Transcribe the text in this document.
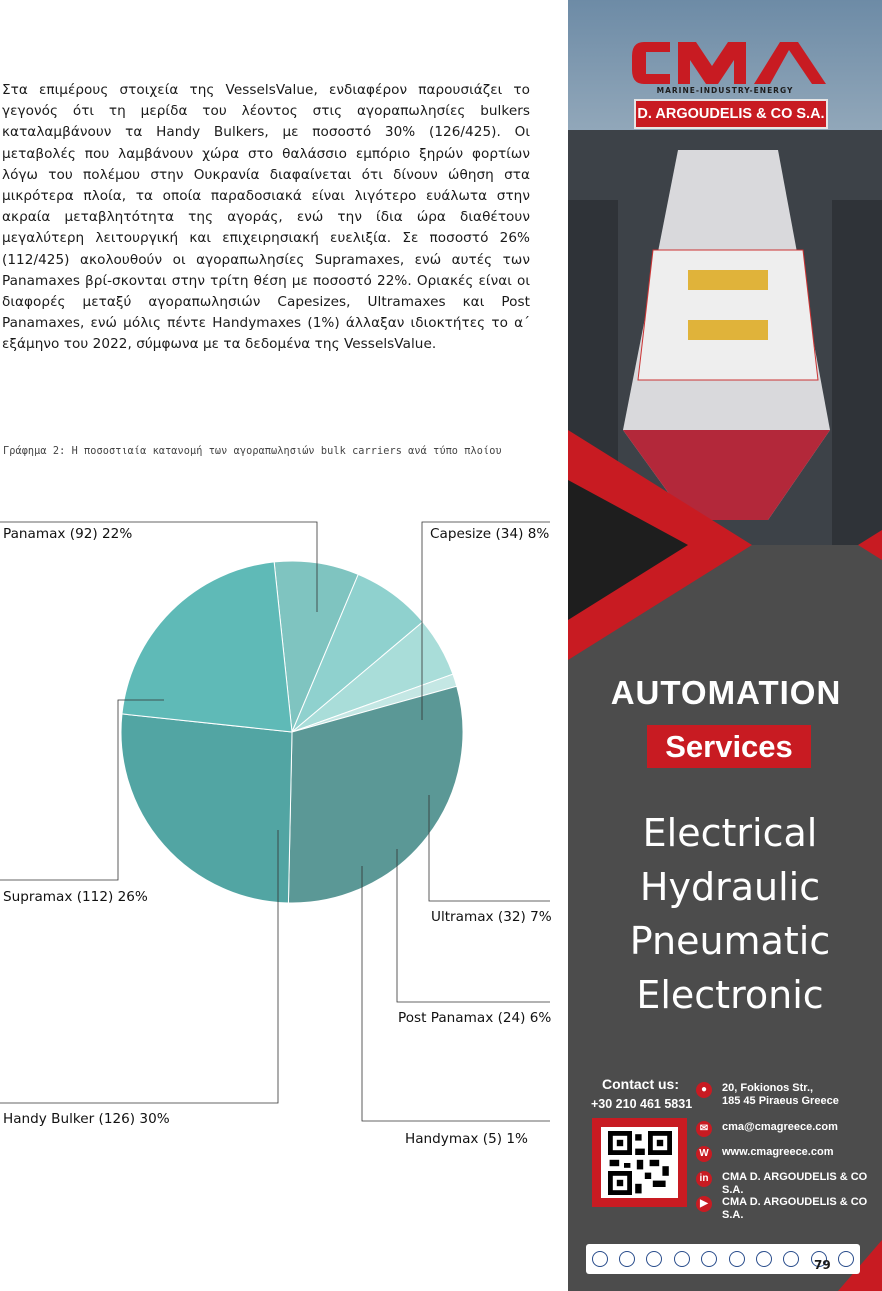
Στα επιμέρους στοιχεία της VesselsValue, ενδιαφέρον παρουσιάζει το γεγονός ότι τη μερίδα του λέοντος στις αγοραπωλησίες bulkers καταλαμβάνουν τα Handy Bulkers, με ποσοστό 30% (126/425). Οι μεταβολές που λαμβάνουν χώρα στο θαλάσσιο εμπόριο ξηρών φορτίων λόγω του πολέμου στην Ουκρανία διαφαίνεται ότι δίνουν ώθηση στα μικρότερα πλοία, τα οποία παραδοσιακά είναι λιγότερο ευάλωτα στην ακραία μεταβλητότητα της αγοράς, ενώ την ίδια ώρα διαθέτουν μεγαλύτερη λειτουργική και επιχειρησιακή ευελιξία. Σε ποσοστό 26% (112/425) ακολουθούν οι αγοραπωλησίες Supramaxes, ενώ αυτές των Panamaxes βρί-σκονται στην τρίτη θέση με ποσοστό 22%. Οριακές είναι οι διαφορές μεταξύ αγοραπωλησιών Capesizes, Ultramaxes και Post Panamaxes, ενώ μόλις πέντε Handymaxes (1%) άλλαξαν ιδιοκτήτες το α΄ εξάμηνο του 2022, σύμφωνα με τα δεδομένα της VesselsValue.
Γράφημα 2: Η ποσοστιαία κατανομή των αγοραπωλησιών bulk carriers ανά τύπο πλοίου
Capesize (34) 8%
Ultramax (32) 7%
Post Panamax (24) 6%
Handymax (5) 1%
Handy Bulker (126) 30%
Supramax (112) 26%
Panamax (92) 22%
MARINE-INDUSTRY-ENERGY
D. ARGOUDELIS & CO S.A.
AUTOMATION
Services
Electrical
Hydraulic
Pneumatic
Electronic
Contact us:
+30 210 461 5831
●	20, Fokionos Str.,
185 45 Piraeus Greece
✉	cma@cmagreece.com
W www.cmagreece.com
in	CMA D. ARGOUDELIS & CO S.A.
▶	CMA D. ARGOUDELIS & CO S.A.
79
